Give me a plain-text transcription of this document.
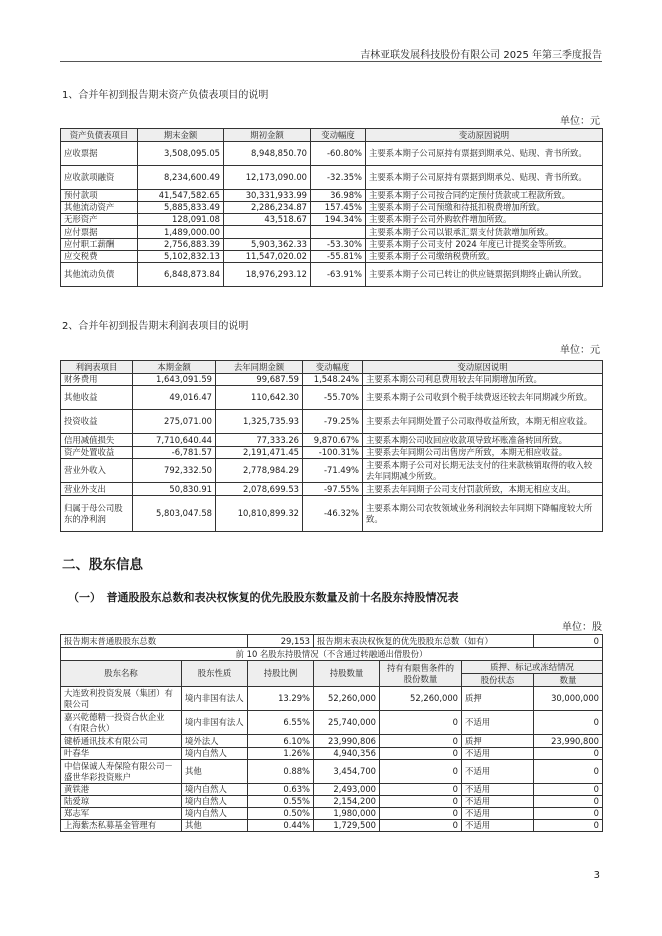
吉林亚联发展科技股份有限公司 2025 年第三季度报告
1、合并年初到报告期末资产负债表项目的说明
单位：元
资产负债表项目	期末金额	期初金额	变动幅度	变动原因说明
应收票据	3,508,095.05	8,948,850.70	-60.80%	主要系本期子公司原持有票据到期承兑、贴现、背书所致。
应收款项融资	8,234,600.49	12,173,090.00	-32.35%	主要系本期子公司原持有票据到期承兑、贴现、背书所致。
预付款项	41,547,582.65	30,331,933.99	36.98%	主要系本期子公司按合同约定预付货款或工程款所致。
其他流动资产	5,885,833.49	2,286,234.87	157.45%	主要系本期子公司预缴和待抵扣税费增加所致。
无形资产	128,091.08	43,518.67	194.34%	主要系本期子公司外购软件增加所致。
应付票据	1,489,000.00			主要系本期子公司以银承汇票支付货款增加所致。
应付职工薪酬	2,756,883.39	5,903,362.33	-53.30%	主要系本期子公司支付 2024 年度已计提奖金等所致。
应交税费	5,102,832.13	11,547,020.02	-55.81%	主要系本期子公司缴纳税费所致。
其他流动负债	6,848,873.84	18,976,293.12	-63.91%	主要系本期子公司已转让的供应链票据到期终止确认所致。
2、合并年初到报告期末利润表项目的说明
单位：元
利润表项目	本期金额	去年同期金额	变动幅度	变动原因说明
财务费用	1,643,091.59	99,687.59	1,548.24%	主要系本期公司利息费用较去年同期增加所致。
其他收益	49,016.47	110,642.30	-55.70%	主要系本期子公司收到个税手续费返还较去年同期减少所致。
投资收益	275,071.00	1,325,735.93	-79.25%	主要系去年同期处置子公司取得收益所致，本期无相应收益。
信用减值损失	7,710,640.44	77,333.26	9,870.67%	主要系本期公司收回应收款项导致坏账准备转回所致。
资产处置收益	-6,781.57	2,191,471.45	-100.31%	主要系去年同期公司出售房产所致，本期无相应收益。
营业外收入	792,332.50	2,778,984.29	-71.49%	主要系本期子公司对长期无法支付的往来款核销取得的收入较去年同期减少所致。
营业外支出	50,830.91	2,078,699.53	-97.55%	主要系去年同期子公司支付罚款所致，本期无相应支出。
归属于母公司股东的净利润	5,803,047.58	10,810,899.32	-46.32%	主要系本期公司农牧领域业务利润较去年同期下降幅度较大所致。
二、股东信息
（一）　普通股股东总数和表决权恢复的优先股股东数量及前十名股东持股情况表
单位：股
报告期末普通股股东总数		29,153	报告期末表决权恢复的优先股股东总数（如有）			0
前 10 名股东持股情况（不含通过转融通出借股份）						
股东名称	股东性质	持股比例	持股数量	持有有限售条件的股份数量	质押、标记或冻结情况	
					股份状态	数量
大连致利投资发展（集团）有限公司	境内非国有法人	13.29%	52,260,000	52,260,000	质押	30,000,000
嘉兴乾德精一投资合伙企业（有限合伙）	境内非国有法人	6.55%	25,740,000	0	不适用	0
键桥通讯技术有限公司	境外法人	6.10%	23,990,806	0	质押	23,990,800
叶春华	境内自然人	1.26%	4,940,356	0	不适用	0
中信保诚人寿保险有限公司－盛世华彩投资账户	其他	0.88%	3,454,700	0	不适用	0
黄铁港	境内自然人	0.63%	2,493,000	0	不适用	0
陆爱琼	境内自然人	0.55%	2,154,200	0	不适用	0
郑志军	境内自然人	0.50%	1,980,000	0	不适用	0
上海紫杰私募基金管理有	其他	0.44%	1,729,500	0	不适用	0
3
